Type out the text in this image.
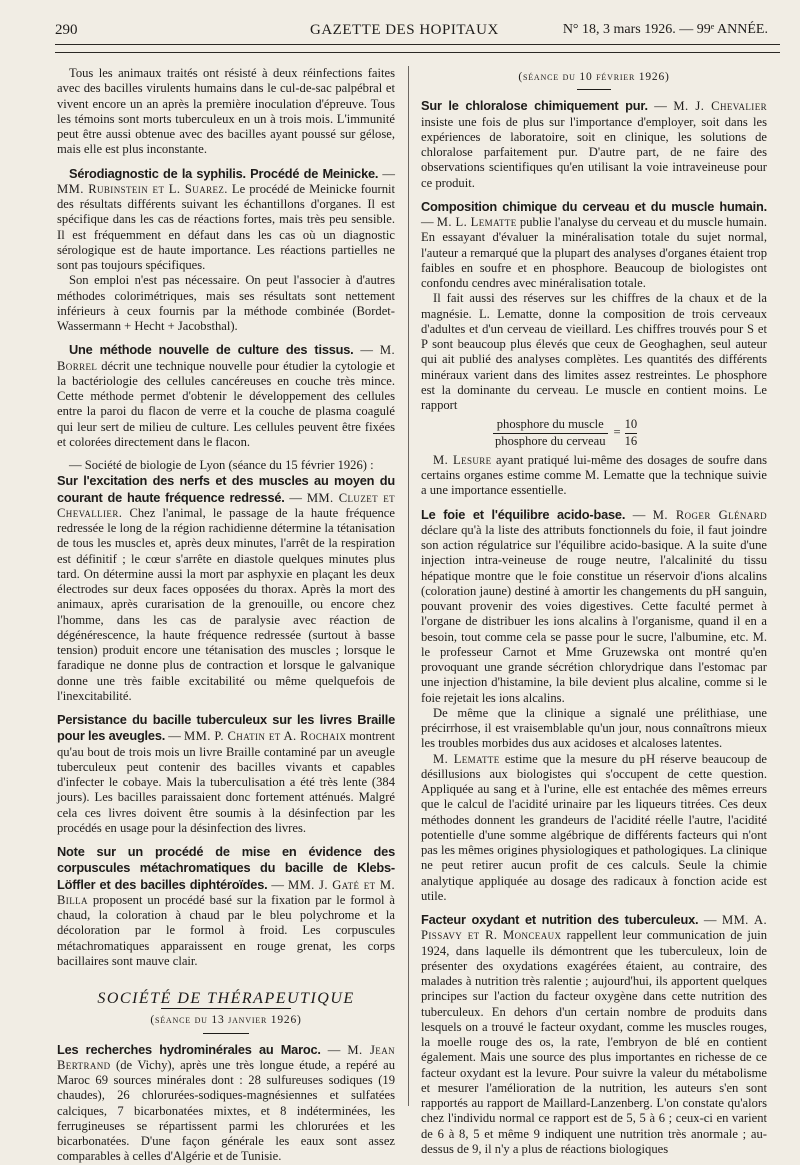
290	GAZETTE DES HOPITAUX	N° 18, 3 mars 1926. — 99ᵉ ANNÉE.

Tous les animaux traités ont résisté à deux réinfections faites avec des bacilles virulents humains dans le cul-de-sac palpébral et vivent encore un an après la première inoculation d'épreuve. Tous les témoins sont morts tuberculeux en un à trois mois. L'immunité peut être aussi obtenue avec des bacilles ayant poussé sur gélose, mais elle est plus inconstante.

Sérodiagnostic de la syphilis. Procédé de Meinicke. — MM. Rubinstein et L. Suarez. Le procédé de Meinicke fournit des résultats différents suivant les échantillons d'organes. Il est spécifique dans les cas de réactions fortes, mais très peu sensible. Il est fréquemment en défaut dans les cas où un diagnostic sérologique est de haute importance. Les réactions partielles ne sont pas toujours spécifiques.

Son emploi n'est pas nécessaire. On peut l'associer à d'autres méthodes colorimétriques, mais ses résultats sont nettement inférieurs à ceux fournis par la méthode combinée (Bordet-Wassermann + Hecht + Jacobsthal).

Une méthode nouvelle de culture des tissus. — M. Borrel décrit une technique nouvelle pour étudier la cytologie et la bactériologie des cellules cancéreuses en couche très mince. Cette méthode permet d'obtenir le développement des cellules entre la paroi du flacon de verre et la couche de plasma coagulé qui leur sert de milieu de culture. Les cellules peuvent être fixées et colorées directement dans le flacon.

— Société de biologie de Lyon (séance du 15 février 1926) :

Sur l'excitation des nerfs et des muscles au moyen du courant de haute fréquence redressé. — MM. Cluzet et Chevallier. Chez l'animal, le passage de la haute fréquence redressée le long de la région rachidienne détermine la tétanisation de tous les muscles et, après deux minutes, l'arrêt de la respiration est définitif ; le cœur s'arrête en diastole quelques minutes plus tard. On détermine aussi la mort par asphyxie en plaçant les deux électrodes sur deux faces opposées du thorax. Après la mort des animaux, après curarisation de la grenouille, ou encore chez l'homme, dans les cas de paralysie avec réaction de dégénérescence, la haute fréquence redressée (surtout à basse tension) produit encore une tétanisation des muscles ; lorsque le faradique ne donne plus de contraction et lorsque le galvanique donne une très faible excitabilité ou même quelquefois de l'inexcitabilité.

Persistance du bacille tuberculeux sur les livres Braille pour les aveugles. — MM. P. Chatin et A. Rochaix montrent qu'au bout de trois mois un livre Braille contaminé par un aveugle tuberculeux peut contenir des bacilles vivants et capables d'infecter le cobaye. Mais la tuberculisation a été très lente (384 jours). Les bacilles paraissaient donc fortement atténués. Malgré cela ces livres doivent être soumis à la désinfection par les procédés en usage pour la désinfection des livres.

Note sur un procédé de mise en évidence des corpuscules métachromatiques du bacille de Klebs-Löffler et des bacilles diphtéroïdes. — MM. J. Gaté et M. Billa proposent un procédé basé sur la fixation par le formol à chaud, la coloration à chaud par le bleu polychrome et la décoloration par le formol à froid. Les corpuscules métachromatiques apparaissent en rouge grenat, les corps bacillaires sont mauve clair.

SOCIÉTÉ DE THÉRAPEUTIQUE
(séance du 13 janvier 1926)

Les recherches hydrominérales au Maroc. — M. Jean Bertrand (de Vichy), après une très longue étude, a repéré au Maroc 69 sources minérales dont : 28 sulfureuses sodiques (19 chaudes), 26 chlorurées-sodiques-magnésiennes et sulfatées calciques, 7 bicarbonatées mixtes, et 8 indéterminées, les ferrugineuses se répartissent parmi les chlorurées et les bicarbonatées. D'une façon générale les eaux sont assez comparables à celles d'Algérie et de Tunisie.

(séance du 10 février 1926)

Sur le chloralose chimiquement pur. — M. J. Chevalier insiste une fois de plus sur l'importance d'employer, soit dans les expériences de laboratoire, soit en clinique, les solutions de chloralose parfaitement pur. D'autre part, de ne faire des observations scientifiques qu'en utilisant la voie intraveineuse pour ce produit.

Composition chimique du cerveau et du muscle humain. — M. L. Lematte publie l'analyse du cerveau et du muscle humain. En essayant d'évaluer la minéralisation totale du sujet normal, l'auteur a remarqué que la plupart des analyses d'organes étaient trop faibles en soufre et en phosphore. Beaucoup de biologistes ont confondu cendres avec minéralisation totale.

Il fait aussi des réserves sur les chiffres de la chaux et de la magnésie. L. Lematte, donne la composition de trois cerveaux d'adultes et d'un cerveau de vieillard. Les chiffres trouvés pour S et P sont beaucoup plus élevés que ceux de Geoghaghen, seul auteur qui ait publié des analyses complètes. Les quantités des différents minéraux varient dans des limites assez restreintes. Le phosphore est la dominante du cerveau. Le muscle en contient moins. Le rapport

$\frac{\text{phosphore du muscle}}{\text{phosphore du cerveau}} = \frac{10}{16}$

M. Lesure ayant pratiqué lui-même des dosages de soufre dans certains organes estime comme M. Lematte que la technique suivie a une importance essentielle.

Le foie et l'équilibre acido-base. — M. Roger Glénard déclare qu'à la liste des attributs fonctionnels du foie, il faut joindre son action régulatrice sur l'équilibre acido-basique. A la suite d'une injection intra-veineuse de rouge neutre, l'alcalinité du tissu hépatique montre que le foie constitue un réservoir d'ions alcalins (coloration jaune) destiné à amortir les changements du pH sanguin, pouvant provenir des voies digestives. Cette faculté permet à l'organe de distribuer les ions alcalins à l'organisme, quand il en a besoin, tout comme cela se passe pour le sucre, l'albumine, etc. M. le professeur Carnot et Mme Gruzewska ont montré qu'en provoquant une grande sécrétion chlorydrique dans l'estomac par une injection d'histamine, la bile devient plus alcaline, comme si le foie rejetait les ions alcalins.

De même que la clinique a signalé une prélithiase, une précirrhose, il est vraisemblable qu'un jour, nous connaîtrons mieux les troubles morbides dus aux acidoses et alcaloses latentes.

M. Lematte estime que la mesure du pH réserve beaucoup de désillusions aux biologistes qui s'occupent de cette question. Appliquée au sang et à l'urine, elle est entachée des mêmes erreurs que le calcul de l'acidité urinaire par les liqueurs titrées. Ces deux méthodes donnent les grandeurs de l'acidité réelle l'autre, l'acidité potentielle d'une somme algébrique de différents facteurs qui n'ont pas les mêmes origines physiologiques et pathologiques. La clinique ne peut retirer aucun profit de ces calculs. Seule la chimie analytique appliquée au dosage des radicaux à fonction acide est utile.

Facteur oxydant et nutrition des tuberculeux. — MM. A. Pissavy et R. Monceaux rappellent leur communication de juin 1924, dans laquelle ils démontrent que les tuberculeux, loin de présenter des oxydations exagérées étaient, au contraire, des malades à nutrition très ralentie ; aujourd'hui, ils apportent quelques principes sur l'action du facteur oxygène dans cette nutrition des tuberculeux. En dehors d'un certain nombre de produits dans lesquels on a trouvé le facteur oxydant, comme les muscles rouges, la moelle rouge des os, la rate, l'embryon de blé en contient également. Mais une source des plus importantes en richesse de ce facteur oxydant est la levure. Pour suivre la valeur du métabolisme et mesurer l'amélioration de la nutrition, les auteurs s'en sont rapportés au rapport de Maillard-Lanzenberg. L'on constate qu'alors chez l'individu normal ce rapport est de 5, 5 à 6 ; ceux-ci en varient de 6 à 8, 5 et même 9 indiquent une nutrition très anormale ; au-dessus de 9, il n'y a plus de réactions biologiques
